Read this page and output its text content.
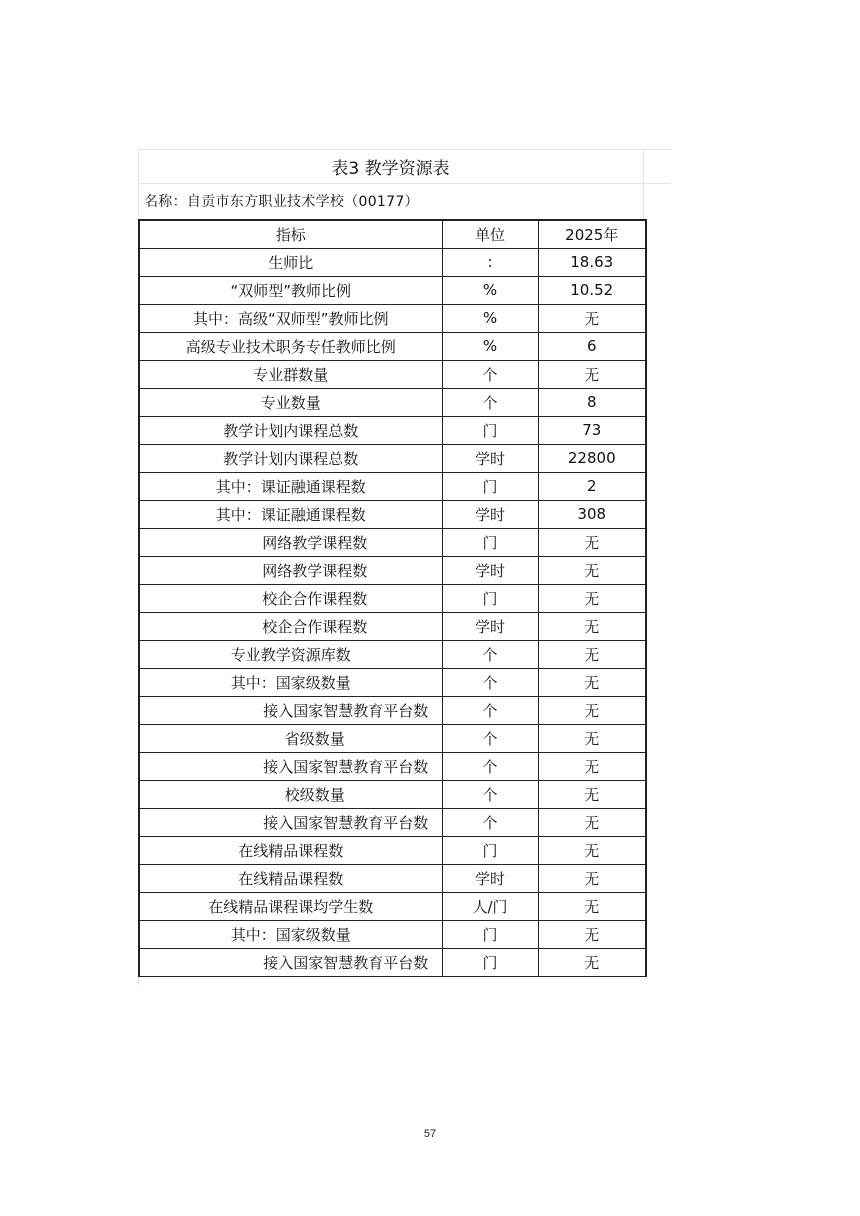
表3 教学资源表
名称：自贡市东方职业技术学校（00177）
指标	单位	2025年
生师比	:	18.63
“双师型”教师比例	%	10.52
其中：高级“双师型”教师比例	%	无
高级专业技术职务专任教师比例	%	6
专业群数量	个	无
专业数量	个	8
教学计划内课程总数	门	73
教学计划内课程总数	学时	22800
其中：课证融通课程数	门	2
其中：课证融通课程数	学时	308
网络教学课程数	门	无
网络教学课程数	学时	无
校企合作课程数	门	无
校企合作课程数	学时	无
专业教学资源库数	个	无
其中：国家级数量	个	无
接入国家智慧教育平台数	个	无
省级数量	个	无
接入国家智慧教育平台数	个	无
校级数量	个	无
接入国家智慧教育平台数	个	无
在线精品课程数	门	无
在线精品课程数	学时	无
在线精品课程课均学生数	人/门	无
其中：国家级数量	门	无
接入国家智慧教育平台数	门	无
57
